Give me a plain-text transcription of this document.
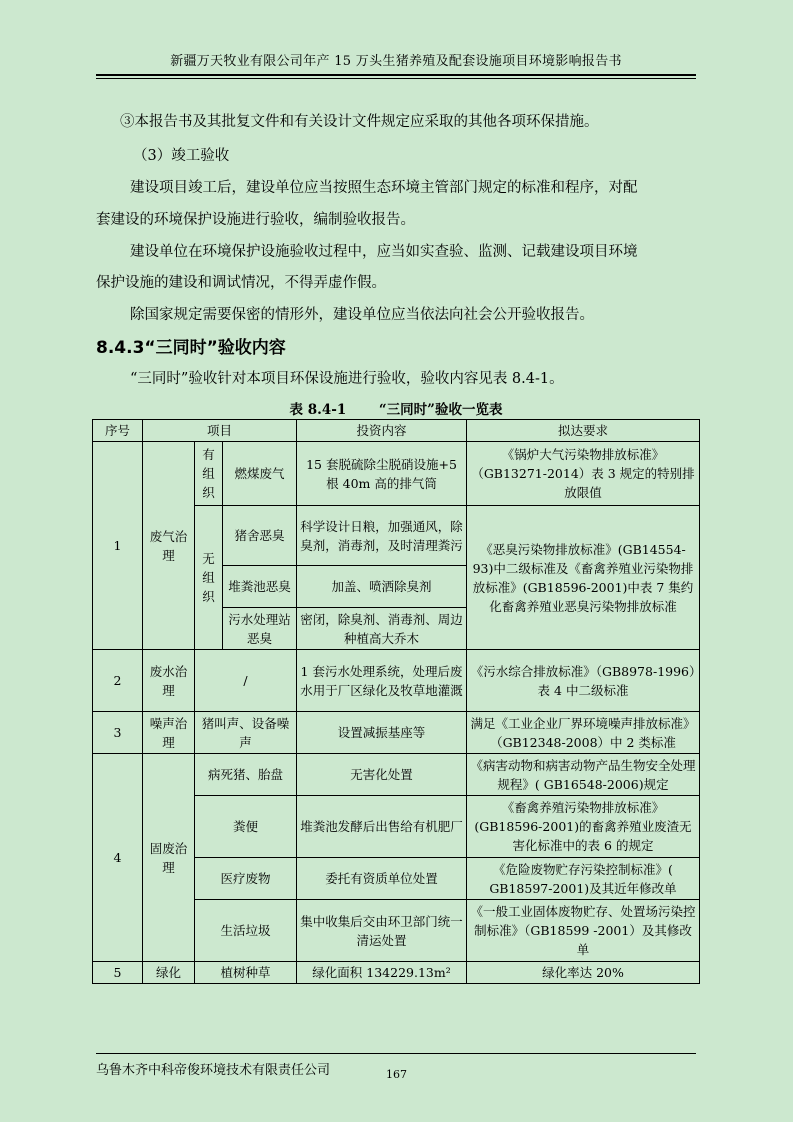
新疆万天牧业有限公司年产 15 万头生猪养殖及配套设施项目环境影响报告书
③本报告书及其批复文件和有关设计文件规定应采取的其他各项环保措施。
（3）竣工验收
建设项目竣工后，建设单位应当按照生态环境主管部门规定的标准和程序，对配
套建设的环境保护设施进行验收，编制验收报告。
建设单位在环境保护设施验收过程中，应当如实查验、监测、记载建设项目环境
保护设施的建设和调试情况，不得弄虚作假。
除国家规定需要保密的情形外，建设单位应当依法向社会公开验收报告。
8.4.3“三同时”验收内容
“三同时”验收针对本项目环保设施进行验收，验收内容见表 8.4-1。
表 8.4-1 “三同时”验收一览表
序号	项目			投资内容	拟达要求
1	废气治理	有组织	燃煤废气	15 套脱硫除尘脱硝设施+5 根 40m 高的排气筒	《锅炉大气污染物排放标准》（GB13271-2014）表 3 规定的特别排放限值
		无组织	猪舍恶臭	科学设计日粮，加强通风，除臭剂，消毒剂，及时清理粪污	《恶臭污染物排放标准》(GB14554-93)中二级标准及《畜禽养殖业污染物排放标准》(GB18596-2001)中表 7 集约化畜禽养殖业恶臭污染物排放标准
			堆粪池恶臭	加盖、喷洒除臭剂	
			污水处理站恶臭	密闭，除臭剂、消毒剂、周边种植高大乔木	
2	废水治理	/		1 套污水处理系统，处理后废水用于厂区绿化及牧草地灌溉	《污水综合排放标准》（GB8978-1996）表 4 中二级标准
3	噪声治理	猪叫声、设备噪声		设置减振基座等	满足《工业企业厂界环境噪声排放标准》（GB12348-2008）中 2 类标准
4	固废治理	病死猪、胎盘		无害化处置	《病害动物和病害动物产品生物安全处理规程》( GB16548-2006)规定
		粪便		堆粪池发酵后出售给有机肥厂	《畜禽养殖污染物排放标准》(GB18596-2001)的畜禽养殖业废渣无害化标准中的表 6 的规定
		医疗废物		委托有资质单位处置	《危险废物贮存污染控制标准》( GB18597-2001)及其近年修改单
		生活垃圾		集中收集后交由环卫部门统一清运处置	《一般工业固体废物贮存、处置场污染控制标准》（GB18599 -2001）及其修改单
5	绿化	植树种草		绿化面积 134229.13m²	绿化率达 20%
乌鲁木齐中科帝俊环境技术有限责任公司	167
